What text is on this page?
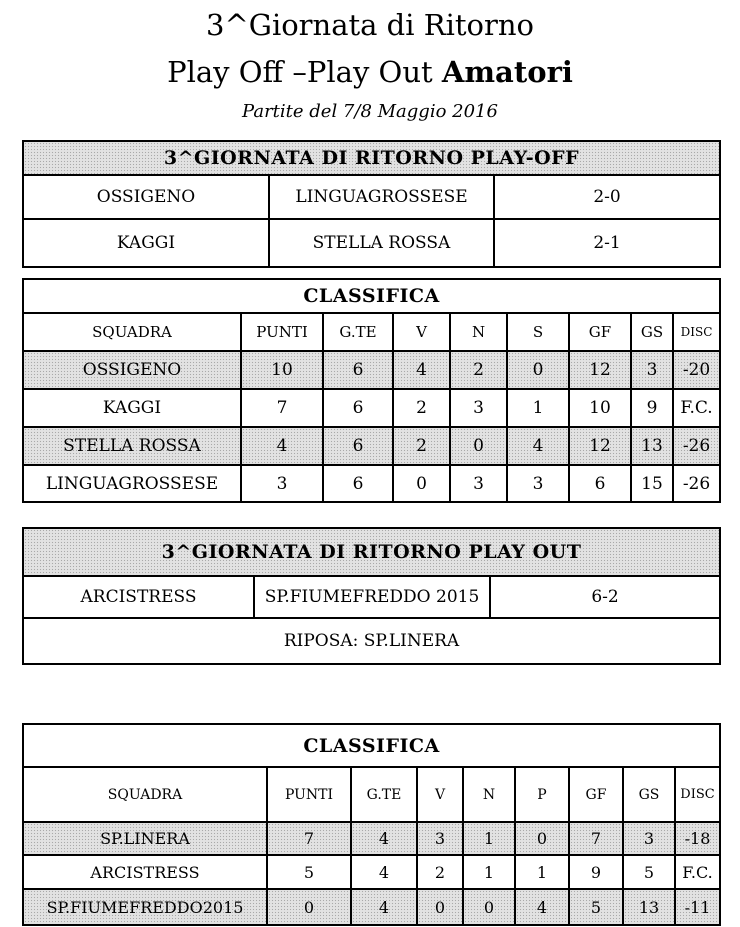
3^Giornata di Ritorno
Play Off –Play Out Amatori
Partite del 7/8 Maggio 2016
3^GIORNATA DI RITORNO PLAY-OFF		
OSSIGENO	LINGUAGROSSESE	2-0
KAGGI	STELLA ROSSA	2-1
CLASSIFICA								
SQUADRA	PUNTI	G.TE	V	N	S	GF	GS	DISC
OSSIGENO	10	6	4	2	0	12	3	-20
KAGGI	7	6	2	3	1	10	9	F.C.
STELLA ROSSA	4	6	2	0	4	12	13	-26
LINGUAGROSSESE	3	6	0	3	3	6	15	-26
3^GIORNATA DI RITORNO PLAY OUT
ARCISTRESS	SP.FIUMEFREDDO 2015	6-2
RIPOSA: SP.LINERA
CLASSIFICA								
SQUADRA	PUNTI	G.TE	V	N	P	GF	GS	DISC
SP.LINERA	7	4	3	1	0	7	3	-18
ARCISTRESS	5	4	2	1	1	9	5	F.C.
SP.FIUMEFREDDO2015	0	4	0	0	4	5	13	-11
